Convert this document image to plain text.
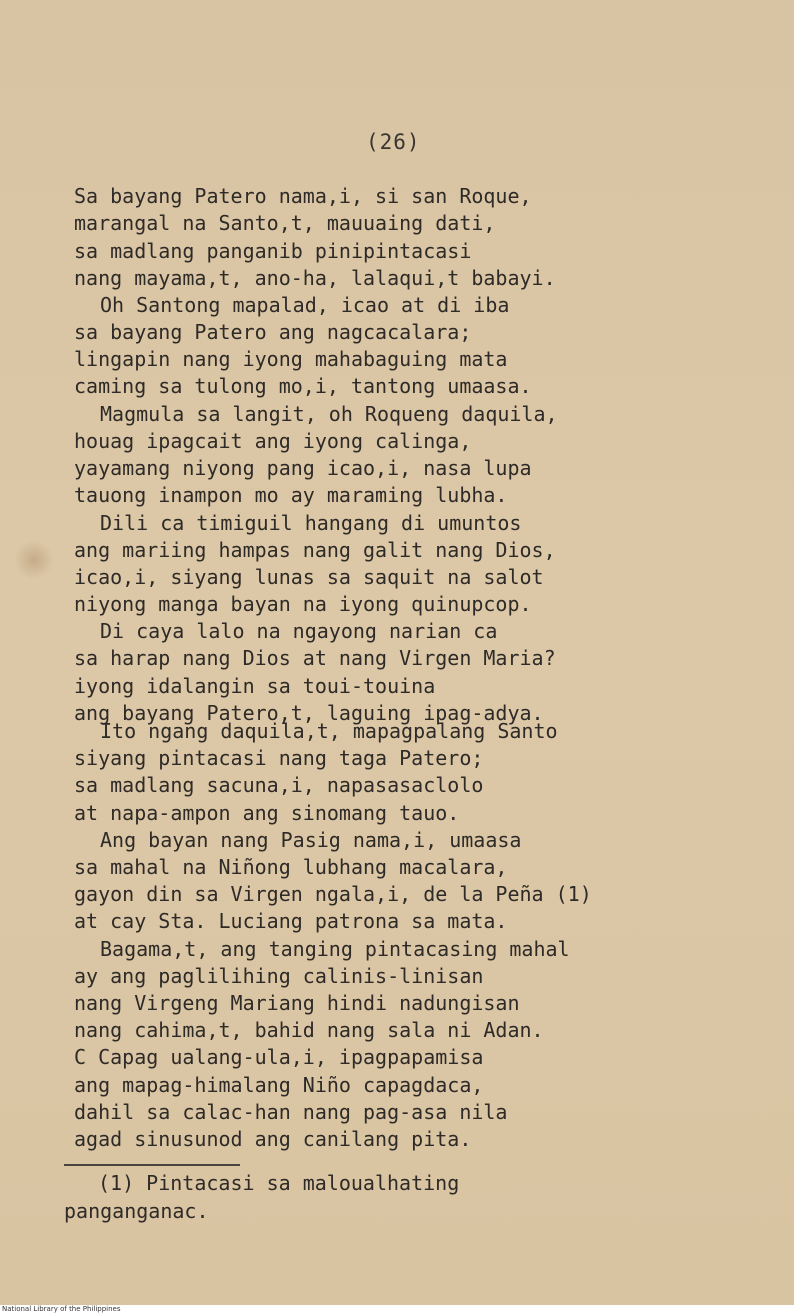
(26)

Sa bayang Patero nama,i, si san Roque,

marangal na Santo,t, mauuaing dati,

sa madlang panganib pinipintacasi

nang mayama,t, ano-ha, lalaqui,t babayi.

Oh Santong mapalad, icao at di iba

sa bayang Patero ang nagcacalara;

lingapin nang iyong mahabaguing mata

caming sa tulong mo,i, tantong umaasa.

Magmula sa langit, oh Roqueng daquila,

houag ipagcait ang iyong calinga,

yayamang niyong pang icao,i, nasa lupa

tauong inampon mo ay maraming lubha.

Dili ca timiguil hangang di umuntos

ang mariing hampas nang galit nang Dios,

icao,i, siyang lunas sa saquit na salot

niyong manga bayan na iyong quinupcop.

Di caya lalo na ngayong narian ca

sa harap nang Dios at nang Virgen Maria?

iyong idalangin sa toui-touina

ang bayang Patero,t, laguing ipag-adya.

Ito ngang daquila,t, mapagpalang Santo

siyang pintacasi nang taga Patero;

sa madlang sacuna,i, napasasaclolo

at napa-ampon ang sinomang tauo.

Ang bayan nang Pasig nama,i, umaasa

sa mahal na Niñong lubhang macalara,

gayon din sa Virgen ngala,i, de la Peña (1)

at cay Sta. Luciang patrona sa mata.

Bagama,t, ang tanging pintacasing mahal

ay ang paglilihing calinis-linisan

nang Virgeng Mariang hindi nadungisan

nang cahima,t, bahid nang sala ni Adan.

C Capag ualang-ula,i, ipagpapamisa

ang mapag-himalang Niño capagdaca,

dahil sa calac-han nang pag-asa nila

agad sinusunod ang canilang pita.

(1) Pintacasi sa maloualhating

panganganac.

National Library of the Philippines
